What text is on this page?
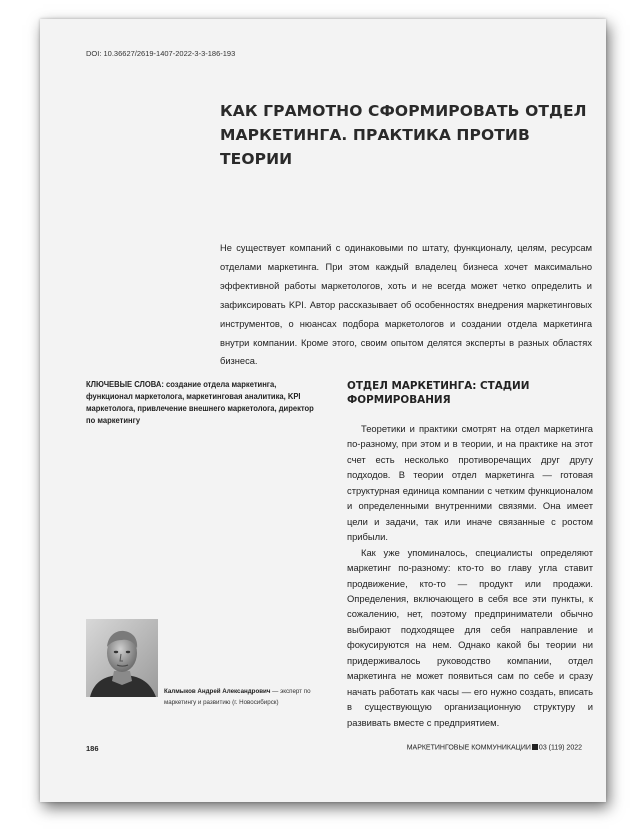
DOI: 10.36627/2619-1407-2022-3-3-186-193
КАК ГРАМОТНО СФОРМИРОВАТЬ ОТДЕЛ МАРКЕТИНГА. ПРАКТИКА ПРОТИВ ТЕОРИИ

Не существует компаний с одинаковыми по штату, функционалу, целям, ресурсам отделами маркетинга. При этом каждый владелец бизнеса хочет максимально эффективной работы маркетологов, хоть и не всегда может четко определить и зафиксировать KPI. Автор рассказывает об особенностях внедрения маркетинговых инструментов, о нюансах подбора маркетологов и создании отдела маркетинга внутри компании. Кроме этого, своим опытом делятся эксперты в разных областях бизнеса.

КЛЮЧЕВЫЕ СЛОВА: создание отдела маркетинга, функционал маркетолога, маркетинговая аналитика, KPI маркетолога, привлечение внешнего маркетолога, директор по маркетингу

ОТДЕЛ МАРКЕТИНГА: СТАДИИ ФОРМИРОВАНИЯ

Теоретики и практики смотрят на отдел маркетинга по-разному, при этом и в теории, и на практике на этот счет есть несколько противоречащих друг другу подходов. В теории отдел маркетинга — готовая структурная единица компании с четким функционалом и определенными внутренними связями. Она имеет цели и задачи, так или иначе связанные с ростом прибыли.

Как уже упоминалось, специалисты определяют маркетинг по-разному: кто-то во главу угла ставит продвижение, кто-то — продукт или продажи. Определения, включающего в себя все эти пункты, к сожалению, нет, поэтому предприниматели обычно выбирают подходящее для себя направление и фокусируются на нем. Однако какой бы теории ни придерживалось руководство компании, отдел маркетинга не может появиться сам по себе и сразу начать работать как часы — его нужно создать, вписать в существующую организационную структуру и развивать вместе с предприятием.

Калмыков Андрей Александрович — эксперт по маркетингу и развитию (г. Новосибирск)
186	МАРКЕТИНГОВЫЕ КОММУНИКАЦИИ 03 (119) 2022
